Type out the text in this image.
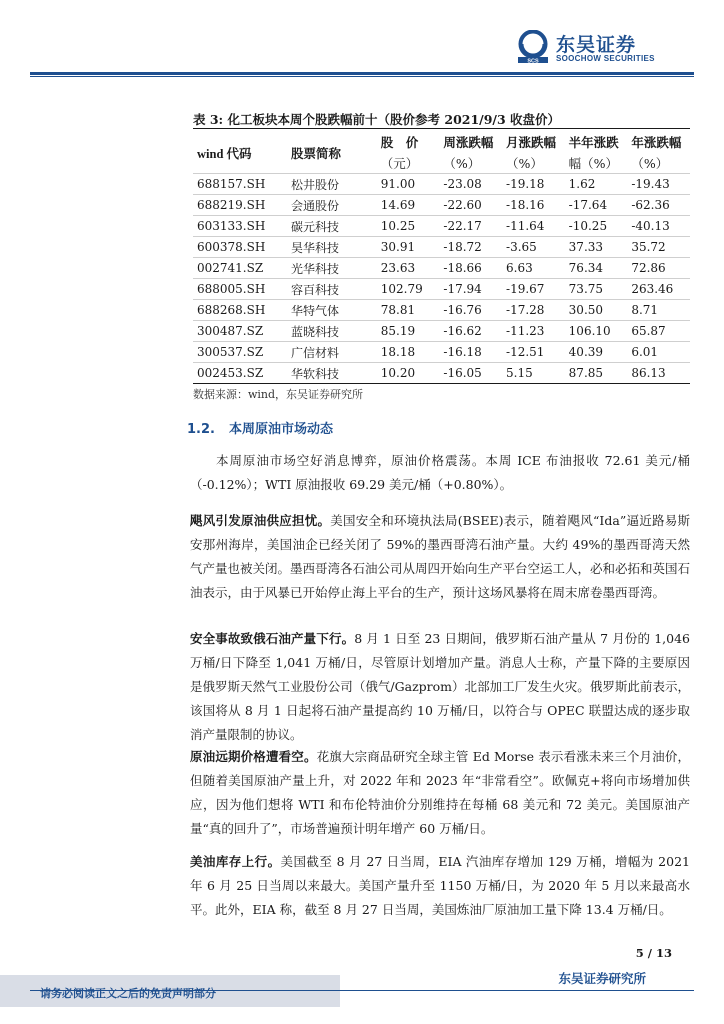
SCS
东吴证券
SOOCHOW SECURITIES
表 3: 化工板块本周个股跌幅前十（股价参考 2021/9/3 收盘价）
wind 代码	股票简称	股　价	周涨跌幅	月涨跌幅	半年涨跌	年涨跌幅
		（元）	（%）	（%）	幅（%）	（%）
688157.SH	松井股份	91.00	-23.08	-19.18	1.62	-19.43
688219.SH	会通股份	14.69	-22.60	-18.16	-17.64	-62.36
603133.SH	碳元科技	10.25	-22.17	-11.64	-10.25	-40.13
600378.SH	昊华科技	30.91	-18.72	-3.65	37.33	35.72
002741.SZ	光华科技	23.63	-18.66	6.63	76.34	72.86
688005.SH	容百科技	102.79	-17.94	-19.67	73.75	263.46
688268.SH	华特气体	78.81	-16.76	-17.28	30.50	8.71
300487.SZ	蓝晓科技	85.19	-16.62	-11.23	106.10	65.87
300537.SZ	广信材料	18.18	-16.18	-12.51	40.39	6.01
002453.SZ	华软科技	10.20	-16.05	5.15	87.85	86.13
数据来源：wind，东吴证券研究所
1.2. 本周原油市场动态
本周原油市场空好消息博弈，原油价格震荡。本周 ICE 布油报收 72.61 美元/桶（-0.12%）；WTI 原油报收 69.29 美元/桶（+0.80%）。
飓风引发原油供应担忧。美国安全和环境执法局(BSEE)表示，随着飓风“Ida”逼近路易斯安那州海岸，美国油企已经关闭了 59%的墨西哥湾石油产量。大约 49%的墨西哥湾天然气产量也被关闭。墨西哥湾各石油公司从周四开始向生产平台空运工人，必和必拓和英国石油表示，由于风暴已开始停止海上平台的生产，预计这场风暴将在周末席卷墨西哥湾。
安全事故致俄石油产量下行。8 月 1 日至 23 日期间，俄罗斯石油产量从 7 月份的 1,046 万桶/日下降至 1,041 万桶/日，尽管原计划增加产量。消息人士称，产量下降的主要原因是俄罗斯天然气工业股份公司（俄气/Gazprom）北部加工厂发生火灾。俄罗斯此前表示，该国将从 8 月 1 日起将石油产量提高约 10 万桶/日，以符合与 OPEC 联盟达成的逐步取消产量限制的协议。
原油远期价格遭看空。花旗大宗商品研究全球主管 Ed Morse 表示看涨未来三个月油价，但随着美国原油产量上升，对 2022 年和 2023 年“非常看空”。欧佩克+将向市场增加供应，因为他们想将 WTI 和布伦特油价分别维持在每桶 68 美元和 72 美元。美国原油产量“真的回升了”，市场普遍预计明年增产 60 万桶/日。
美油库存上行。美国截至 8 月 27 日当周，EIA 汽油库存增加 129 万桶，增幅为 2021 年 6 月 25 日当周以来最大。美国产量升至 1150 万桶/日，为 2020 年 5 月以来最高水平。此外，EIA 称，截至 8 月 27 日当周，美国炼油厂原油加工量下降 13.4 万桶/日。
5 / 13
东吴证券研究所
请务必阅读正文之后的免责声明部分
